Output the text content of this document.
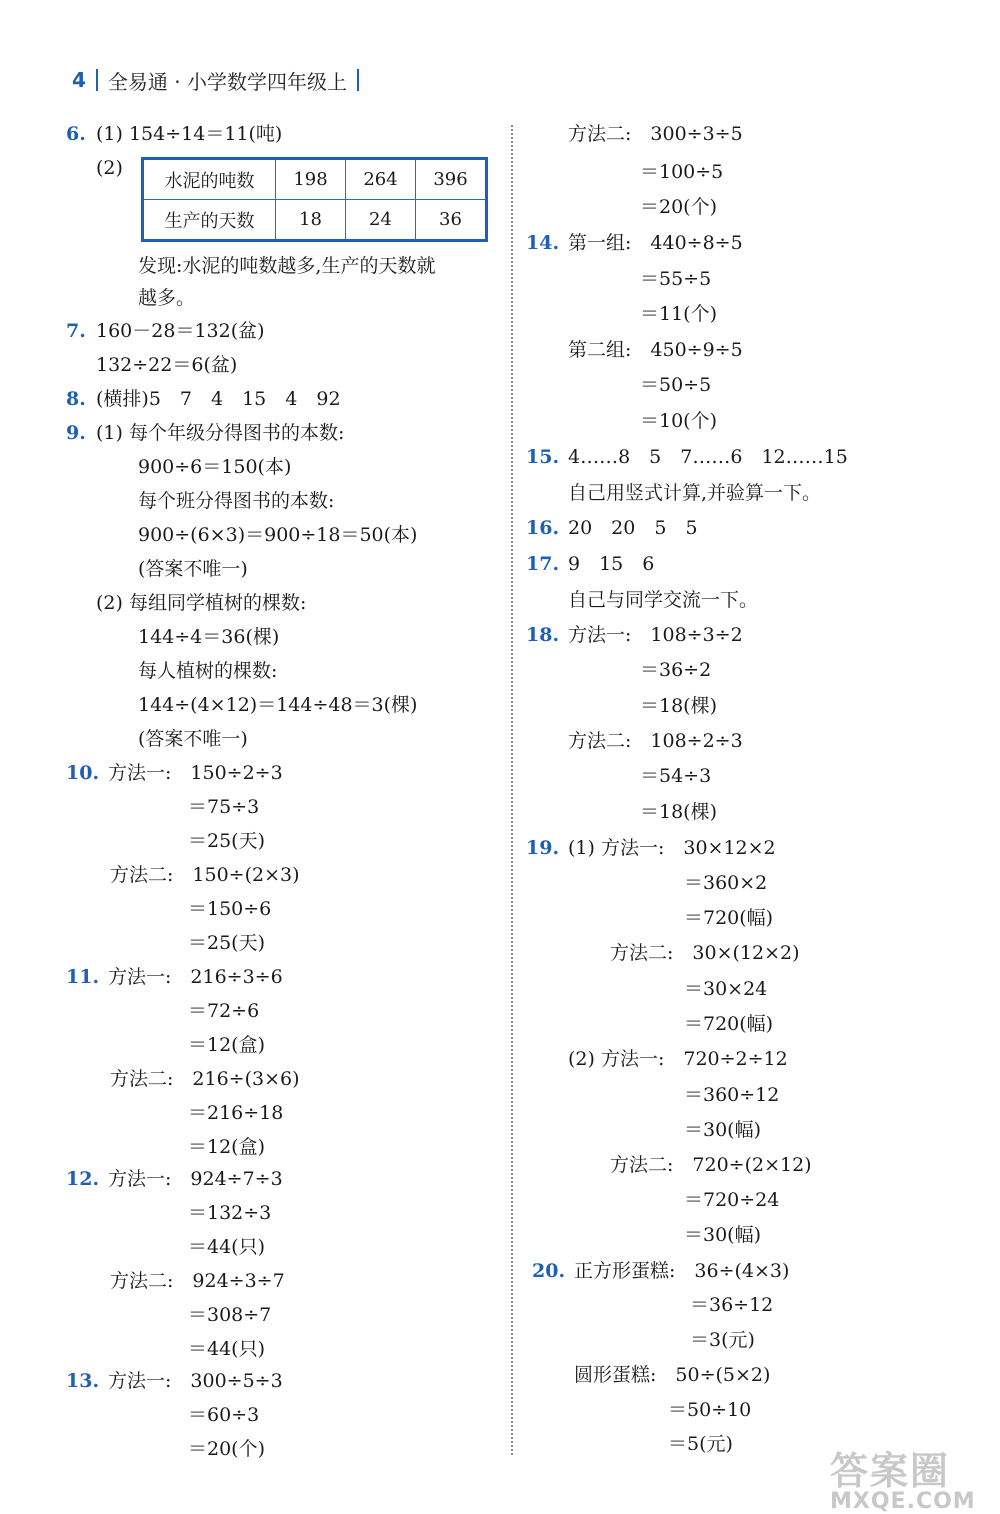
4 全易通 · 小学数学四年级上
6. (1) 154÷14＝11(吨)
(2)
发现:水泥的吨数越多,生产的天数就
越多。
7. 160－28＝132(盆)
132÷22＝6(盆)
8. (横排)5　7　4　15　4　92
9. (1) 每个年级分得图书的本数:
900÷6＝150(本)
每个班分得图书的本数:
900÷(6×3)＝900÷18＝50(本)
(答案不唯一)
(2) 每组同学植树的棵数:
144÷4＝36(棵)
每人植树的棵数:
144÷(4×12)＝144÷48＝3(棵)
(答案不唯一)
10. 方法一:　150÷2÷3
＝75÷3
＝25(天)
方法二:　150÷(2×3)
＝150÷6
＝25(天)
11. 方法一:　216÷3÷6
＝72÷6
＝12(盒)
方法二:　216÷(3×6)
＝216÷18
＝12(盒)
12. 方法一:　924÷7÷3
＝132÷3
＝44(只)
方法二:　924÷3÷7
＝308÷7
＝44(只)
13. 方法一:　300÷5÷3
＝60÷3
＝20(个)
方法二:　300÷3÷5
＝100÷5
＝20(个)
14. 第一组:　440÷8÷5
＝55÷5
＝11(个)
第二组:　450÷9÷5
＝50÷5
＝10(个)
15. 4……8　5　7……6　12……15
自己用竖式计算,并验算一下。
16. 20　20　5　5
17. 9　15　6
自己与同学交流一下。
18. 方法一:　108÷3÷2
＝36÷2
＝18(棵)
方法二:　108÷2÷3
＝54÷3
＝18(棵)
19. (1) 方法一:　30×12×2
＝360×2
＝720(幅)
方法二:　30×(12×2)
＝30×24
＝720(幅)
(2) 方法一:　720÷2÷12
＝360÷12
＝30(幅)
方法二:　720÷(2×12)
＝720÷24
＝30(幅)
20. 正方形蛋糕:　36÷(4×3)
＝36÷12
＝3(元)
圆形蛋糕:　50÷(5×2)
＝50÷10
＝5(元)
水泥的吨数	198	264	396
生产的天数	18	24	36
答案圈
MXQE.COM
